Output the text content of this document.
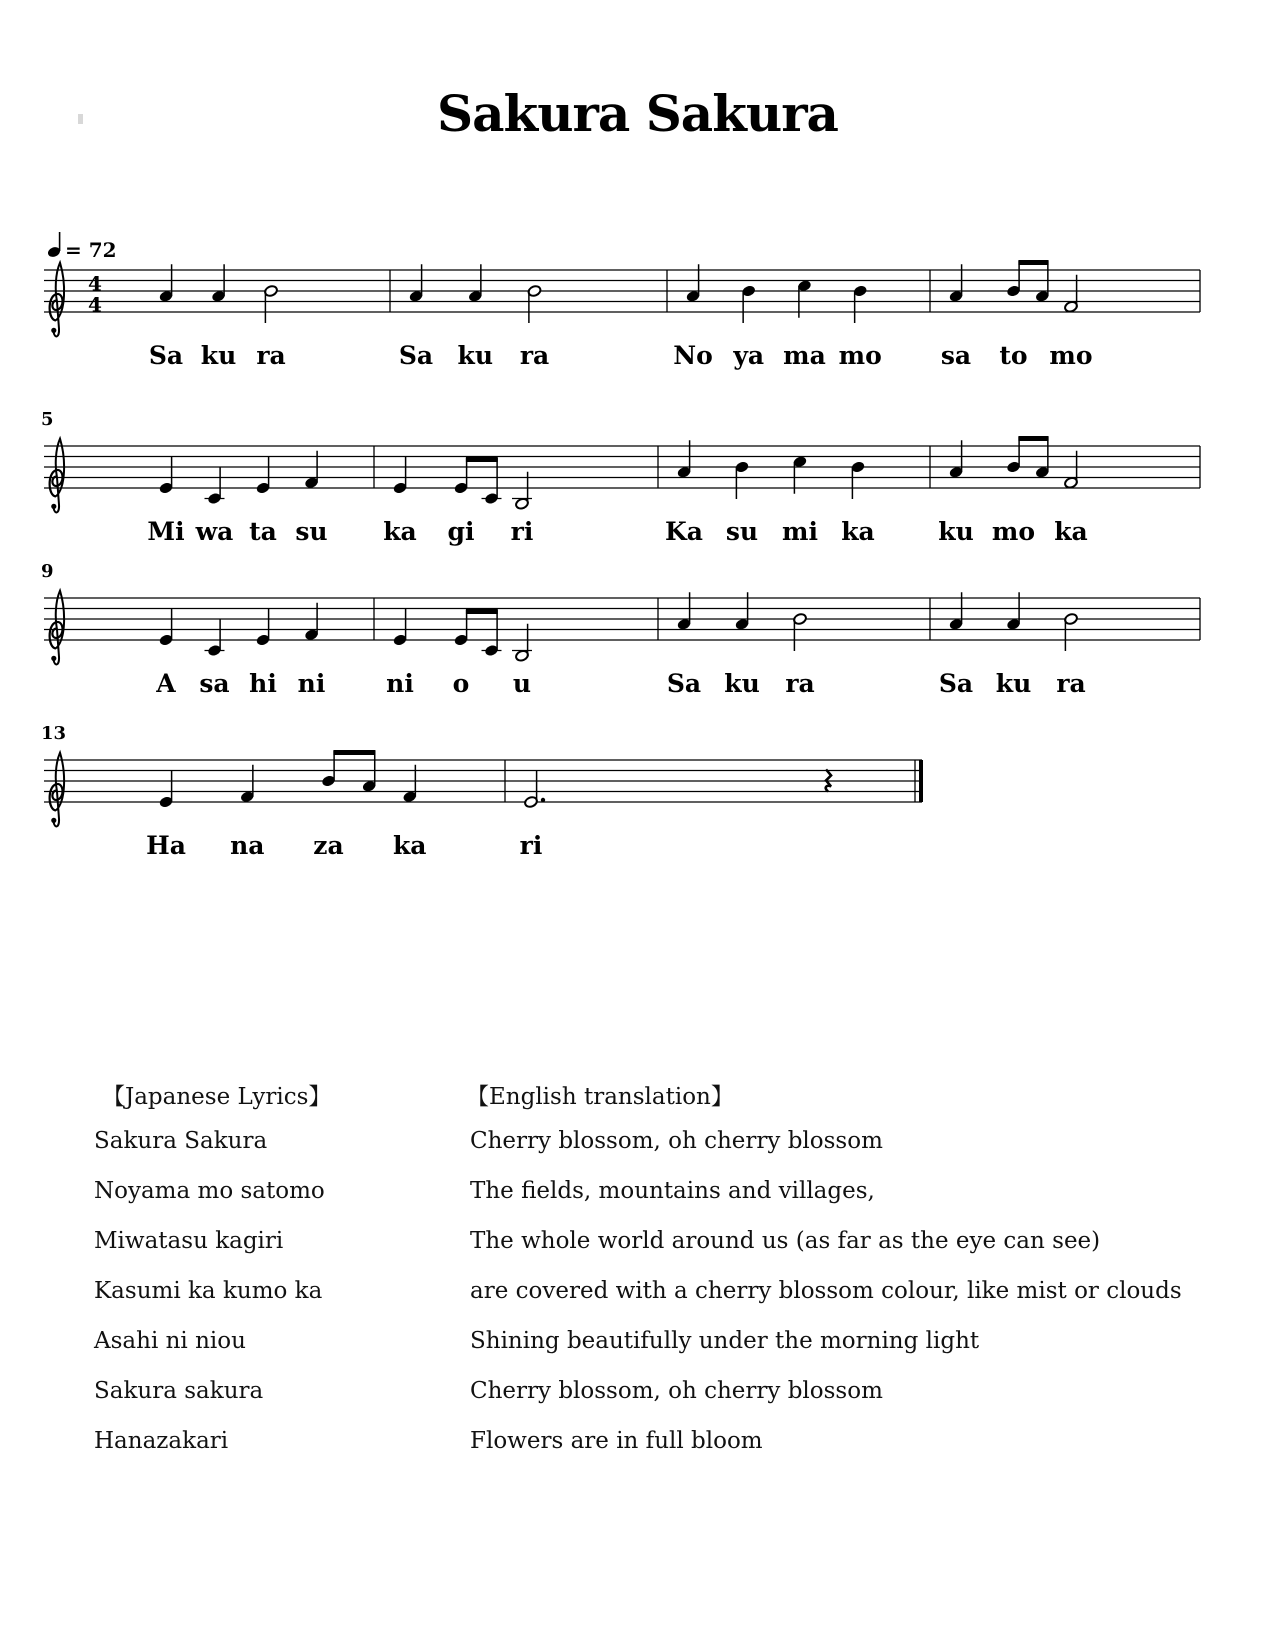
Sakura Sakura
= 72
4
4
Sa ku ra	Sa ku ra	No ya ma mo sa to mo
5
Mi wa ta su ka gi ri	Ka su mi ka	ku mo ka
9
A sa hi ni ni o u	Sa ku ra	Sa ku ra
13
Ha na za ka	ri
【Japanese Lyrics】	【English translation】
Sakura Sakura	Cherry blossom, oh cherry blossom
Noyama mo satomo	The fields, mountains and villages,
Miwatasu kagiri	The whole world around us (as far as the eye can see)
Kasumi ka kumo ka	are covered with a cherry blossom colour, like mist or clouds
Asahi ni niou	Shining beautifully under the morning light
Sakura sakura	Cherry blossom, oh cherry blossom
Hanazakari	Flowers are in full bloom
